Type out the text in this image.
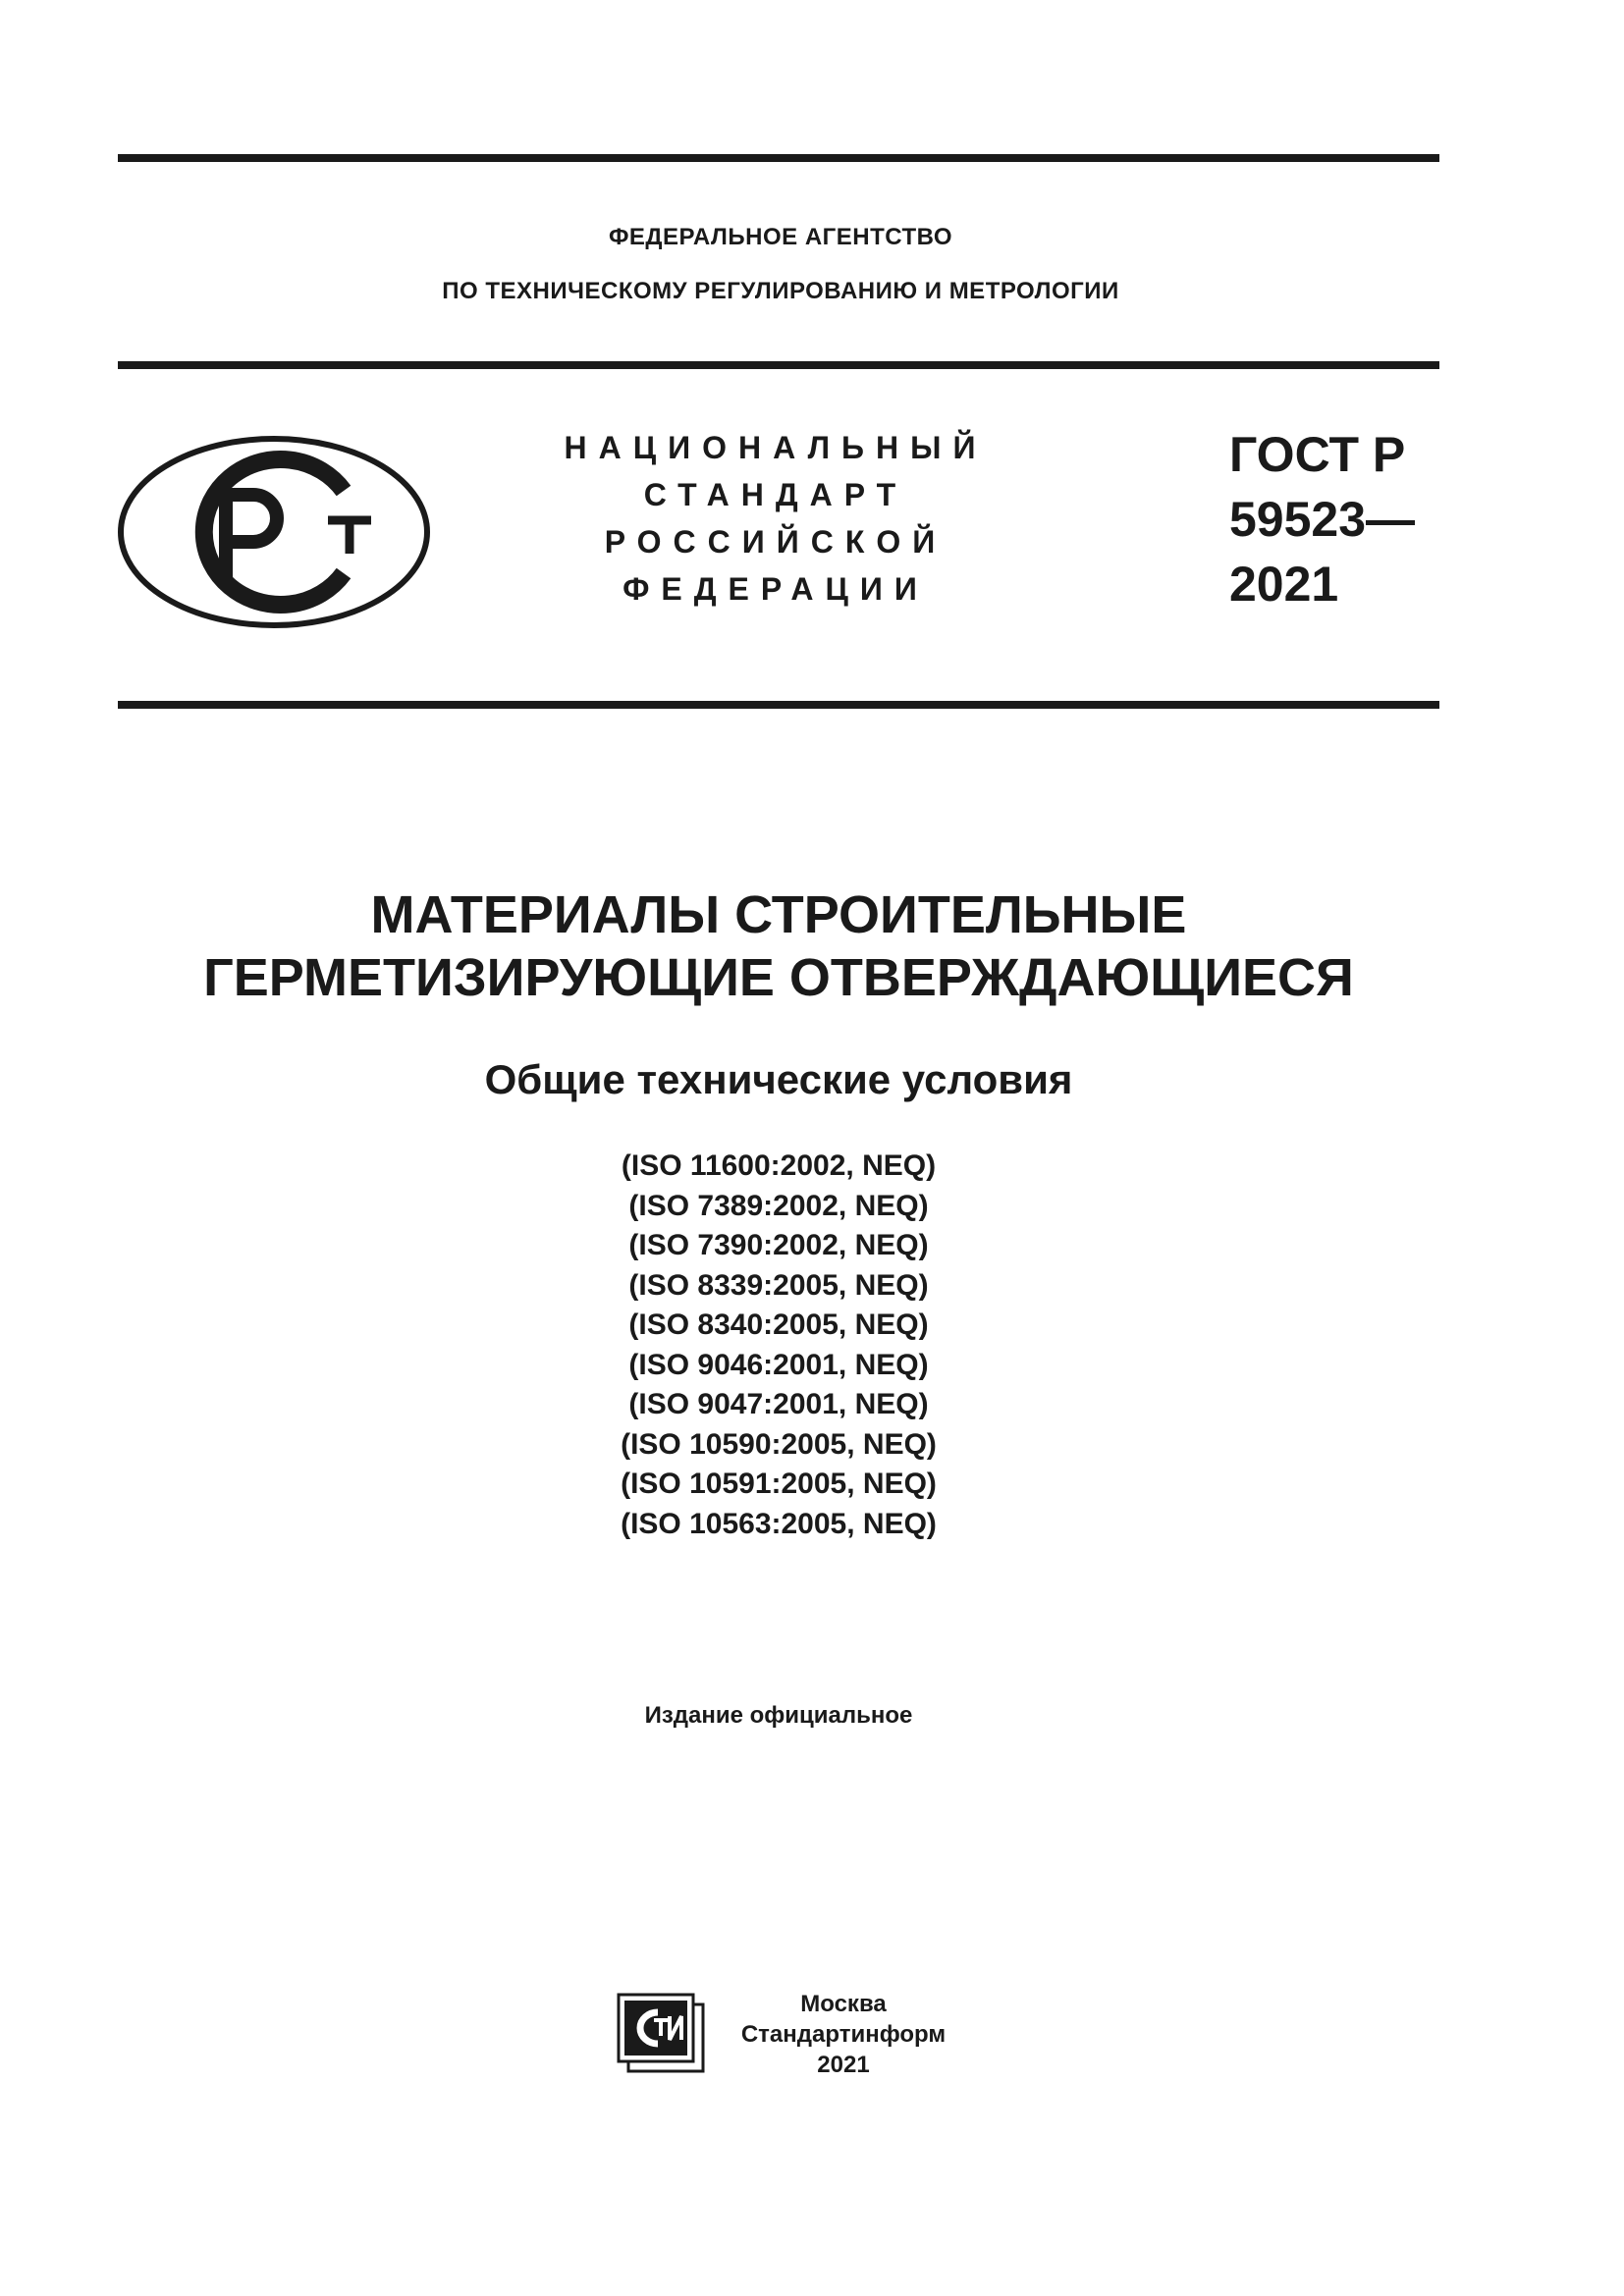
ФЕДЕРАЛЬНОЕ АГЕНТСТВО
ПО ТЕХНИЧЕСКОМУ РЕГУЛИРОВАНИЮ И МЕТРОЛОГИИ
НАЦИОНАЛЬНЫЙ
СТАНДАРТ
РОССИЙСКОЙ
ФЕДЕРАЦИИ
ГОСТ Р
59523—
2021
МАТЕРИАЛЫ СТРОИТЕЛЬНЫЕ
ГЕРМЕТИЗИРУЮЩИЕ ОТВЕРЖДАЮЩИЕСЯ
Общие технические условия
(ISO 11600:2002, NEQ)
(ISO 7389:2002, NEQ)
(ISO 7390:2002, NEQ)
(ISO 8339:2005, NEQ)
(ISO 8340:2005, NEQ)
(ISO 9046:2001, NEQ)
(ISO 9047:2001, NEQ)
(ISO 10590:2005, NEQ)
(ISO 10591:2005, NEQ)
(ISO 10563:2005, NEQ)
Издание официальное
Москва
Стандартинформ
2021
